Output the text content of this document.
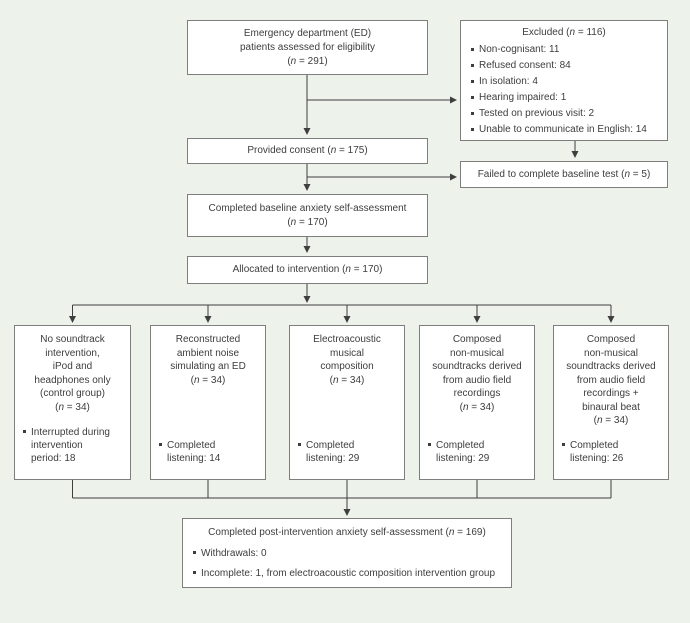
Emergency department (ED)
patients assessed for eligibility
(n = 291)
Excluded (n = 116)
Non-cognisant: 11
Refused consent: 84
In isolation: 4
Hearing impaired: 1
Tested on previous visit: 2
Unable to communicate in English: 14
Provided consent (n = 175)
Failed to complete baseline test (n = 5)
Completed baseline anxiety self-assessment
(n = 170)
Allocated to intervention (n = 170)
No soundtrack
intervention,
iPod and
headphones only
(control group)
(n = 34)
Interrupted during
intervention
period: 18
Reconstructed
ambient noise
simulating an ED
(n = 34)
Completed
listening: 14
Electroacoustic
musical
composition
(n = 34)
Completed
listening: 29
Composed
non-musical
soundtracks derived
from audio field
recordings
(n = 34)
Completed
listening: 29
Composed
non-musical
soundtracks derived
from audio field
recordings +
binaural beat
(n = 34)
Completed
listening: 26
Completed post-intervention anxiety self-assessment (n = 169)
Withdrawals: 0
Incomplete: 1, from electroacoustic composition intervention group
